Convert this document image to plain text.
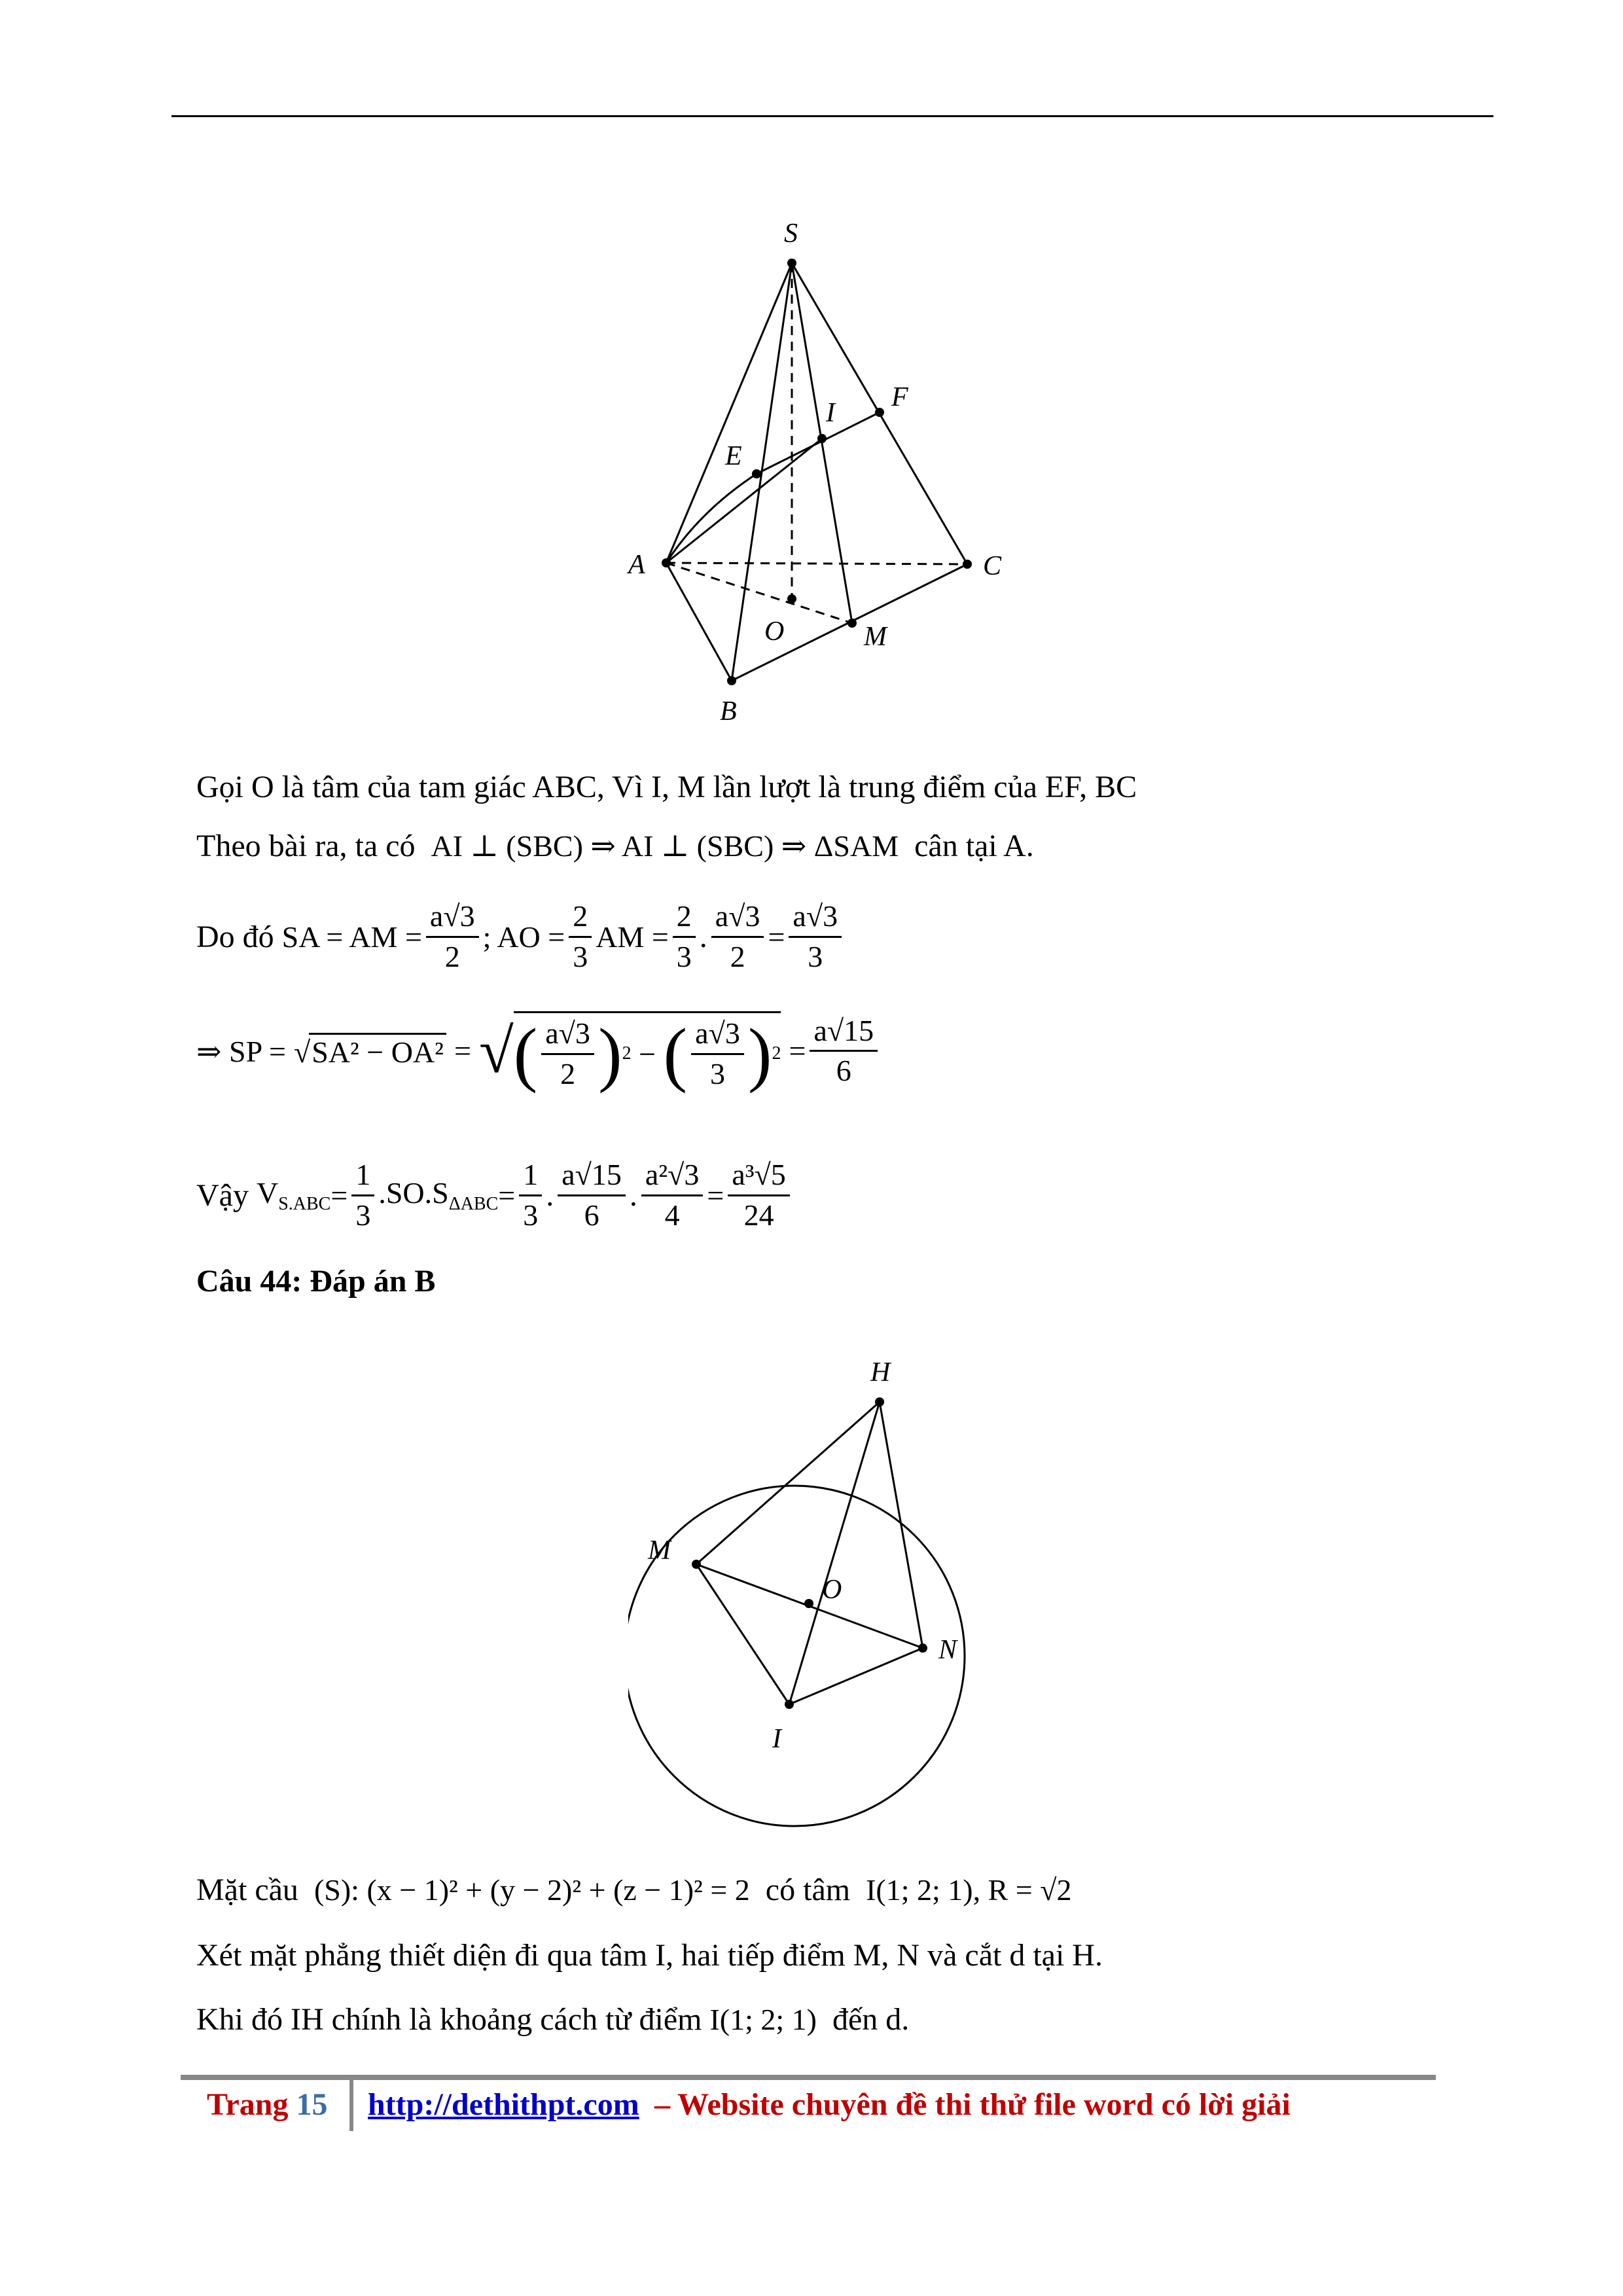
S
A
B
C
E
F
I
O	M
Gọi O là tâm của tam giác ABC, Vì I, M lần lượt là trung điểm của EF, BC
Theo bài ra, ta có AI ⊥ (SBC) ⇒ AI ⊥ (SBC) ⇒ ΔSAM cân tại A.
Do đó
SA = AM = $\frac{a√3}{2}$ ; AO = $\frac{2}{3}$ AM = $\frac{2}{3}$ . $\frac{a√3}{2} = \frac{a√3}{3}$
⇒ SP =
√SA² − OA²
=
√ ( $\frac{a√3}{2}$ ) 2 − ( $\frac{a√3}{3}$ ) 2
= $\frac{a√15}{6}$
Vậy
$V_{S.ABC} = \frac{1}{3} .SO.S_{\Delta ABC} = \frac{1}{3}$ . $\frac{a√15}{6}$ . $\frac{\text{a²√3}}{4} = \frac{\text{a³√5}}{24}$
Câu 44: Đáp án B
H
M
O
N
I
Mặt cầu (S): (x − 1)² + (y − 2)² + (z − 1)² = 2 có tâm I(1; 2; 1), R = √2
Xét mặt phẳng thiết diện đi qua tâm I, hai tiếp điểm M, N và cắt d tại H.
Khi đó IH chính là khoảng cách từ điểm I(1; 2; 1) đến d.
Trang 15 http://dethithpt.com – Website chuyên đề thi thử file word có lời giải
